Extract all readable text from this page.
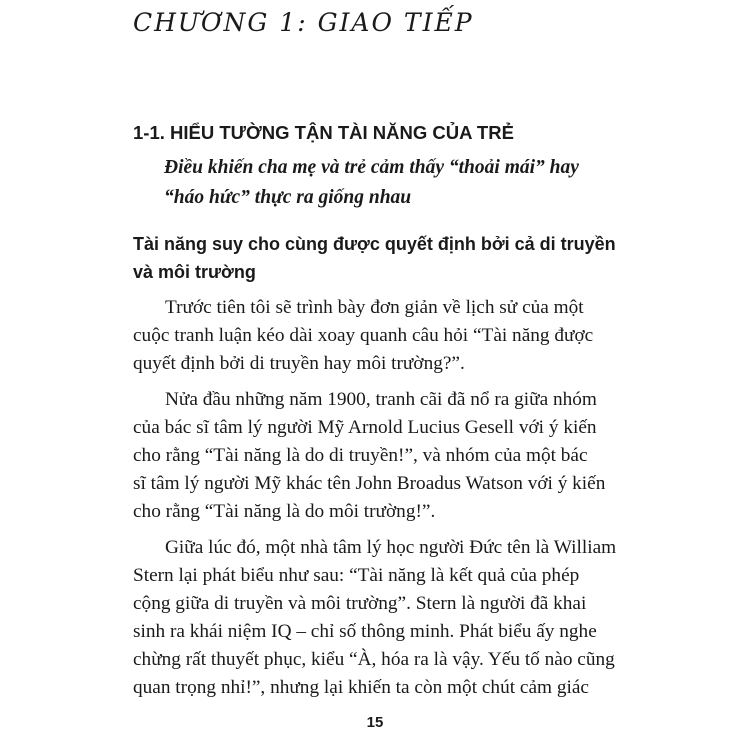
CHƯƠNG 1: GIAO TIẾP
1-1. HIỂU TƯỜNG TẬN TÀI NĂNG CỦA TRẺ
Điều khiến cha mẹ và trẻ cảm thấy “thoải mái” hay
“háo hức” thực ra giống nhau
Tài năng suy cho cùng được quyết định bởi cả di truyền
và môi trường
Trước tiên tôi sẽ trình bày đơn giản về lịch sử của một
cuộc tranh luận kéo dài xoay quanh câu hỏi “Tài năng được
quyết định bởi di truyền hay môi trường?”.
Nửa đầu những năm 1900, tranh cãi đã nổ ra giữa nhóm
của bác sĩ tâm lý người Mỹ Arnold Lucius Gesell với ý kiến
cho rằng “Tài năng là do di truyền!”, và nhóm của một bác
sĩ tâm lý người Mỹ khác tên John Broadus Watson với ý kiến
cho rằng “Tài năng là do môi trường!”.
Giữa lúc đó, một nhà tâm lý học người Đức tên là William
Stern lại phát biểu như sau: “Tài năng là kết quả của phép
cộng giữa di truyền và môi trường”. Stern là người đã khai
sinh ra khái niệm IQ – chỉ số thông minh. Phát biểu ấy nghe
chừng rất thuyết phục, kiểu “À, hóa ra là vậy. Yếu tố nào cũng
quan trọng nhỉ!”, nhưng lại khiến ta còn một chút cảm giác
15
